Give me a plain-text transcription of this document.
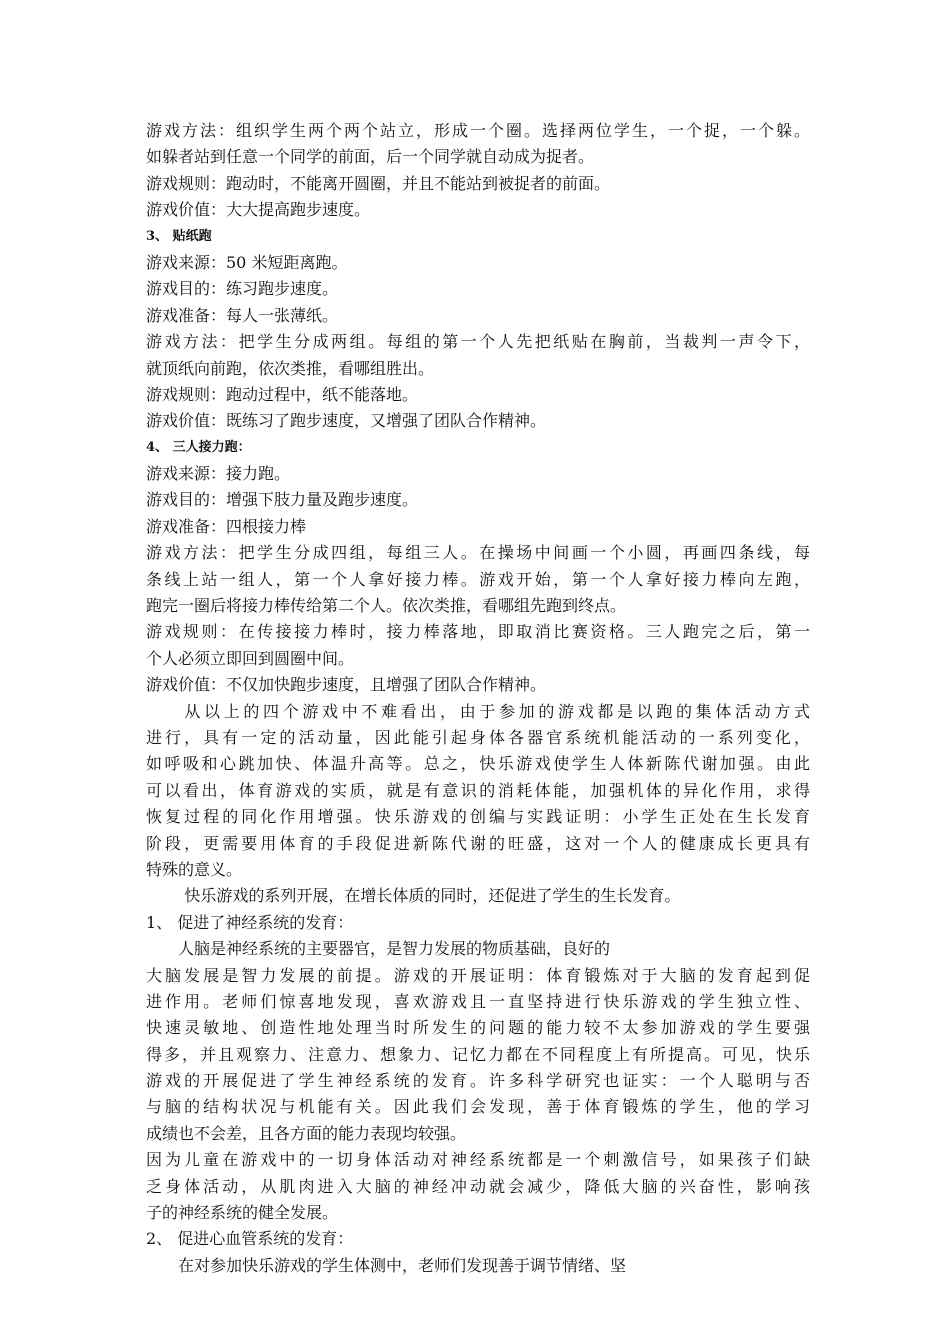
游戏方法：组织学生两个两个站立，形成一个圈。选择两位学生，一个捉，一个躲。
如躲者站到任意一个同学的前面，后一个同学就自动成为捉者。
游戏规则：跑动时，不能离开圆圈，并且不能站到被捉者的前面。
游戏价值：大大提高跑步速度。
3、 贴纸跑
游戏来源：50 米短距离跑。
游戏目的：练习跑步速度。
游戏准备：每人一张薄纸。
游戏方法：把学生分成两组。每组的第一个人先把纸贴在胸前，当裁判一声令下，
就顶纸向前跑，依次类推，看哪组胜出。
游戏规则：跑动过程中，纸不能落地。
游戏价值：既练习了跑步速度，又增强了团队合作精神。
4、 三人接力跑：
游戏来源：接力跑。
游戏目的：增强下肢力量及跑步速度。
游戏准备：四根接力棒
游戏方法：把学生分成四组，每组三人。在操场中间画一个小圆，再画四条线，每
条线上站一组人，第一个人拿好接力棒。游戏开始，第一个人拿好接力棒向左跑，
跑完一圈后将接力棒传给第二个人。依次类推，看哪组先跑到终点。
游戏规则：在传接接力棒时，接力棒落地，即取消比赛资格。三人跑完之后，第一
个人必须立即回到圆圈中间。
游戏价值：不仅加快跑步速度，且增强了团队合作精神。
从以上的四个游戏中不难看出，由于参加的游戏都是以跑的集体活动方式
进行，具有一定的活动量，因此能引起身体各器官系统机能活动的一系列变化，
如呼吸和心跳加快、体温升高等。总之，快乐游戏使学生人体新陈代谢加强。由此
可以看出，体育游戏的实质，就是有意识的消耗体能，加强机体的异化作用，求得
恢复过程的同化作用增强。快乐游戏的创编与实践证明：小学生正处在生长发育
阶段，更需要用体育的手段促进新陈代谢的旺盛，这对一个人的健康成长更具有
特殊的意义。
快乐游戏的系列开展，在增长体质的同时，还促进了学生的生长发育。
1、 促进了神经系统的发育：
人脑是神经系统的主要器官，是智力发展的物质基础，良好的
大脑发展是智力发展的前提。游戏的开展证明：体育锻炼对于大脑的发育起到促
进作用。老师们惊喜地发现，喜欢游戏且一直坚持进行快乐游戏的学生独立性、
快速灵敏地、创造性地处理当时所发生的问题的能力较不太参加游戏的学生要强
得多，并且观察力、注意力、想象力、记忆力都在不同程度上有所提高。可见，快乐
游戏的开展促进了学生神经系统的发育。许多科学研究也证实：一个人聪明与否
与脑的结构状况与机能有关。因此我们会发现，善于体育锻炼的学生，他的学习
成绩也不会差，且各方面的能力表现均较强。
因为儿童在游戏中的一切身体活动对神经系统都是一个刺激信号，如果孩子们缺
乏身体活动，从肌肉进入大脑的神经冲动就会减少，降低大脑的兴奋性，影响孩
子的神经系统的健全发展。
2、 促进心血管系统的发育：
在对参加快乐游戏的学生体测中，老师们发现善于调节情绪、坚
